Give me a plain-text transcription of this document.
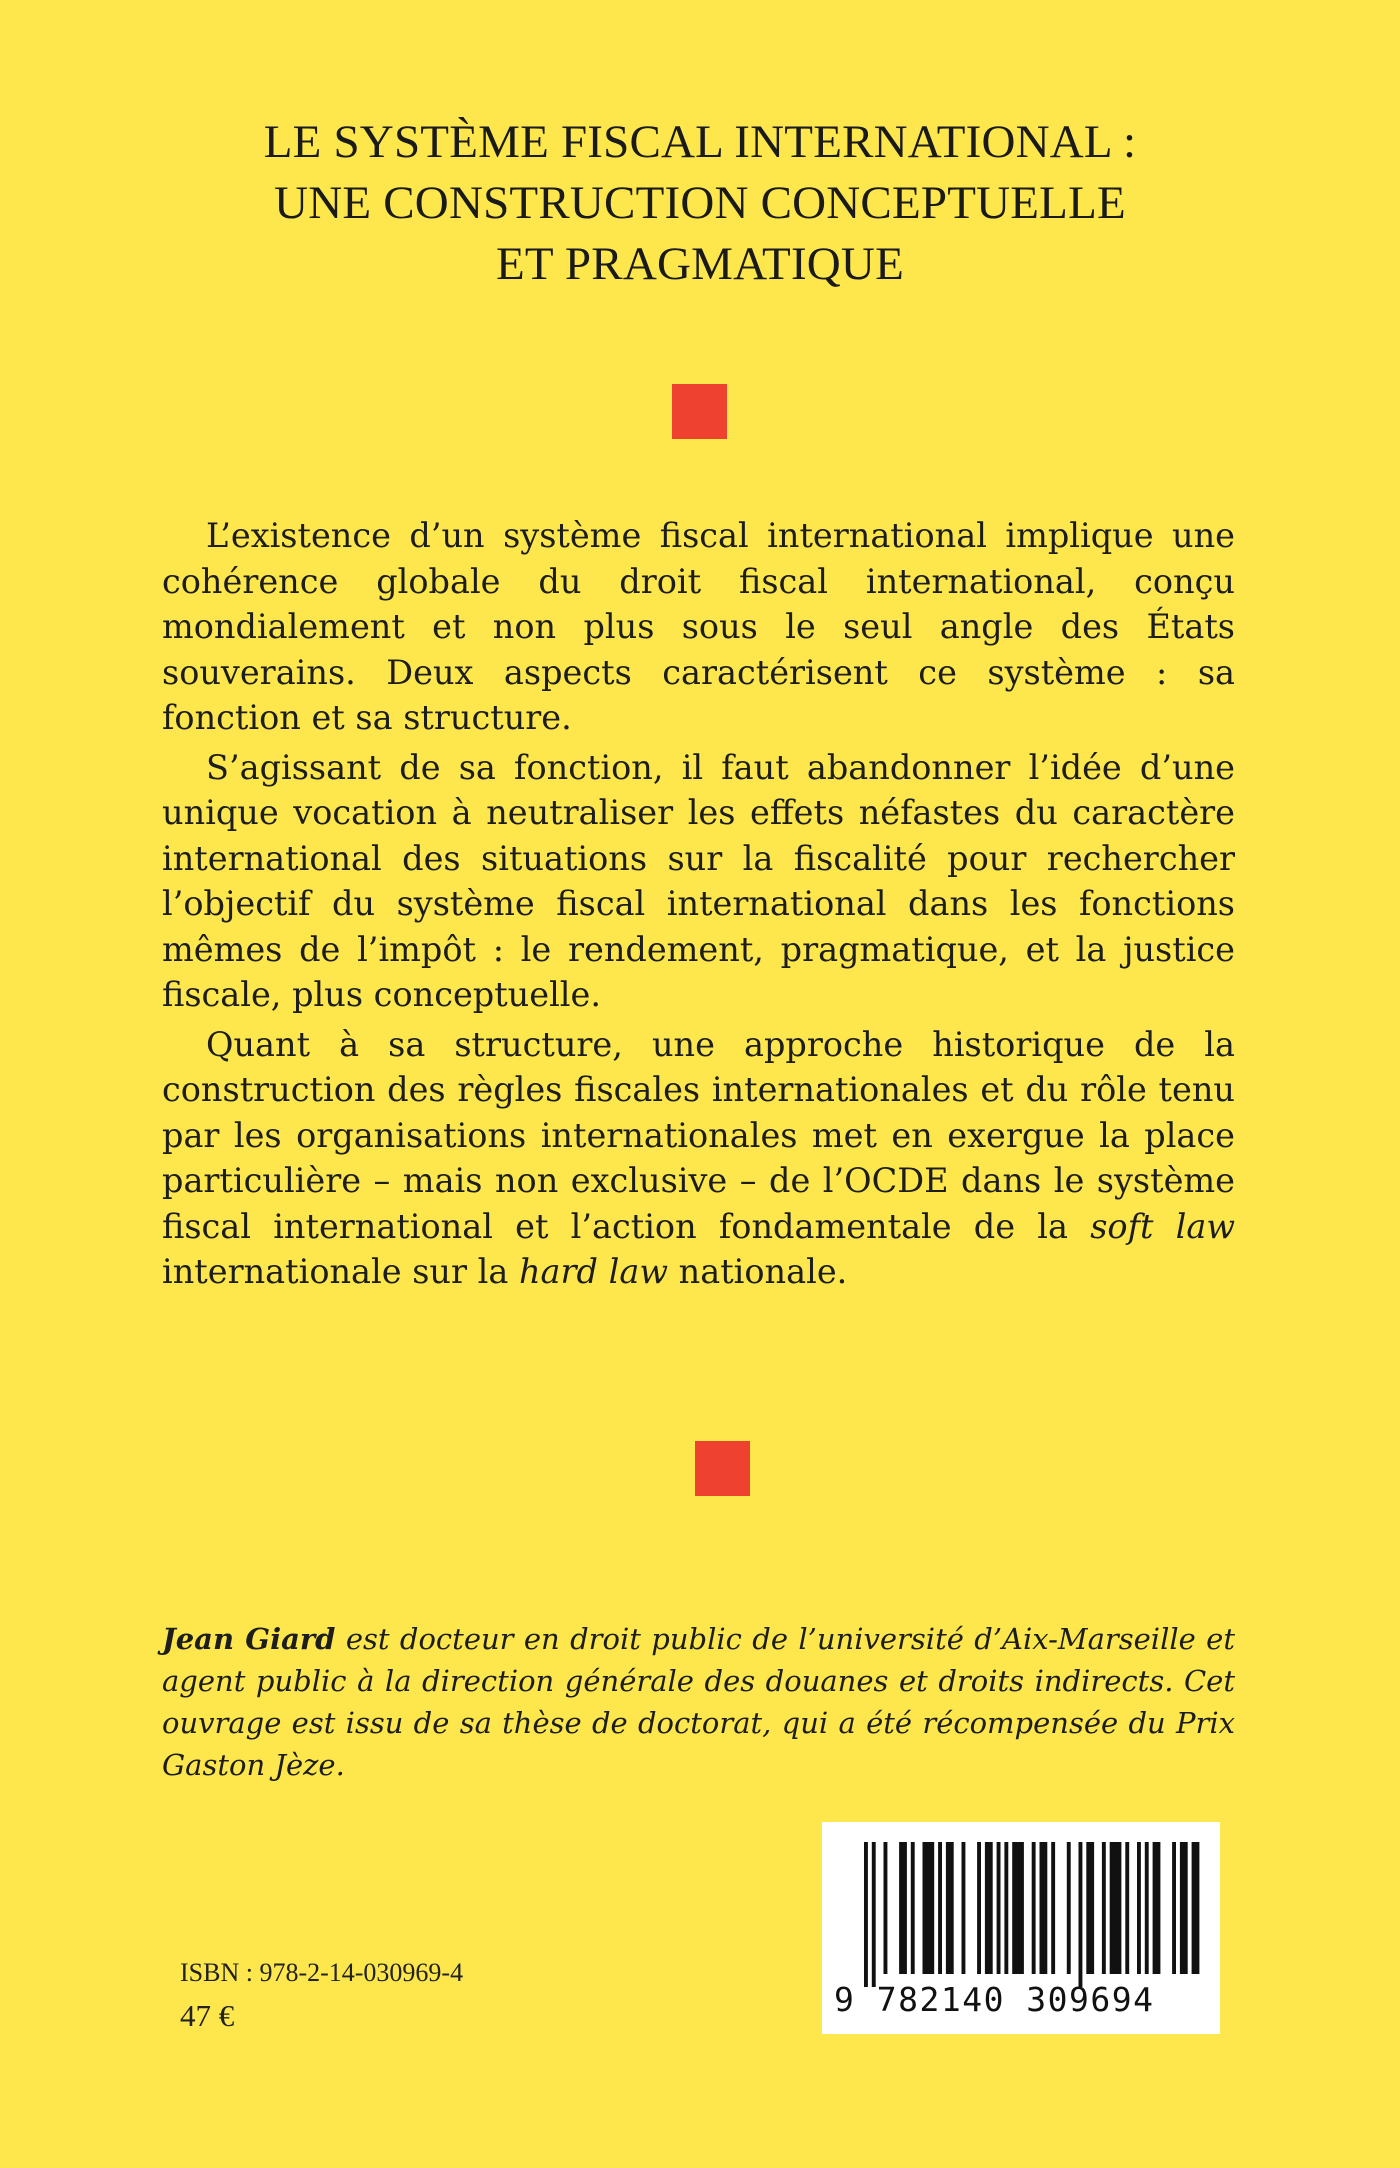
LE SYSTÈME FISCAL INTERNATIONAL :
UNE CONSTRUCTION CONCEPTUELLE
ET PRAGMATIQUE

L’existence d’un système fiscal international implique une cohérence globale du droit fiscal international, conçu mondialement et non plus sous le seul angle des États souverains. Deux aspects caractérisent ce système : sa fonction et sa structure.

S’agissant de sa fonction, il faut abandonner l’idée d’une unique vocation à neutraliser les effets néfastes du caractère international des situations sur la fiscalité pour rechercher l’objectif du système fiscal international dans les fonctions mêmes de l’impôt : le rendement, pragmatique, et la justice fiscale, plus conceptuelle.

Quant à sa structure, une approche historique de la construction des règles fiscales internationales et du rôle tenu par les organisations internationales met en exergue la place particulière – mais non exclusive – de l’OCDE dans le système fiscal international et l’action fondamentale de la soft law internationale sur la hard law nationale.

Jean Giard est docteur en droit public de l’université d’Aix-Marseille et agent public à la direction générale des douanes et droits indirects. Cet ouvrage est issu de sa thèse de doctorat, qui a été récompensée du Prix Gaston Jèze.
9 782140 309694
ISBN : 978-2-14-030969-4
47 €
